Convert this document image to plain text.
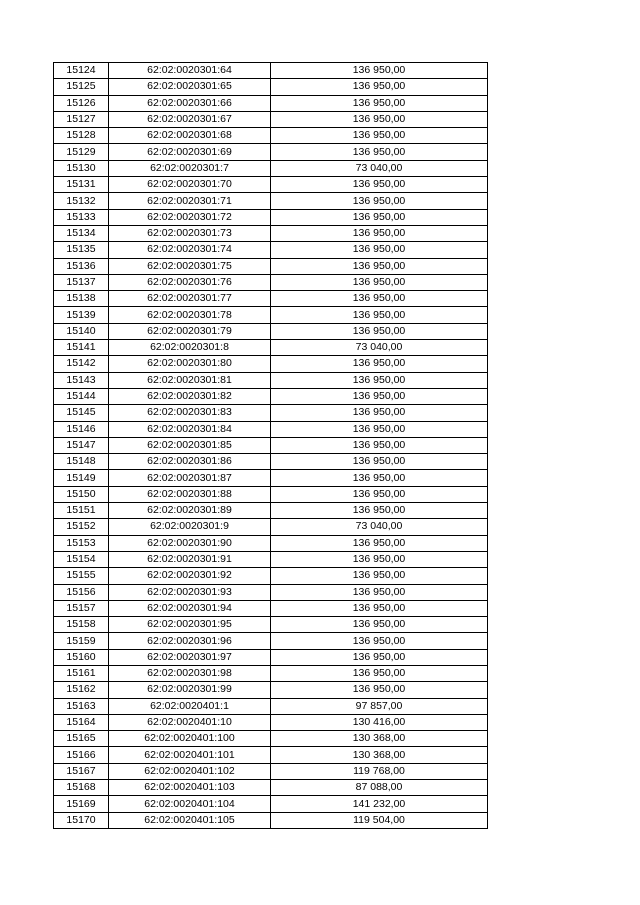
15124	62:02:0020301:64	136 950,00
15125	62:02:0020301:65	136 950,00
15126	62:02:0020301:66	136 950,00
15127	62:02:0020301:67	136 950,00
15128	62:02:0020301:68	136 950,00
15129	62:02:0020301:69	136 950,00
15130	62:02:0020301:7	73 040,00
15131	62:02:0020301:70	136 950,00
15132	62:02:0020301:71	136 950,00
15133	62:02:0020301:72	136 950,00
15134	62:02:0020301:73	136 950,00
15135	62:02:0020301:74	136 950,00
15136	62:02:0020301:75	136 950,00
15137	62:02:0020301:76	136 950,00
15138	62:02:0020301:77	136 950,00
15139	62:02:0020301:78	136 950,00
15140	62:02:0020301:79	136 950,00
15141	62:02:0020301:8	73 040,00
15142	62:02:0020301:80	136 950,00
15143	62:02:0020301:81	136 950,00
15144	62:02:0020301:82	136 950,00
15145	62:02:0020301:83	136 950,00
15146	62:02:0020301:84	136 950,00
15147	62:02:0020301:85	136 950,00
15148	62:02:0020301:86	136 950,00
15149	62:02:0020301:87	136 950,00
15150	62:02:0020301:88	136 950,00
15151	62:02:0020301:89	136 950,00
15152	62:02:0020301:9	73 040,00
15153	62:02:0020301:90	136 950,00
15154	62:02:0020301:91	136 950,00
15155	62:02:0020301:92	136 950,00
15156	62:02:0020301:93	136 950,00
15157	62:02:0020301:94	136 950,00
15158	62:02:0020301:95	136 950,00
15159	62:02:0020301:96	136 950,00
15160	62:02:0020301:97	136 950,00
15161	62:02:0020301:98	136 950,00
15162	62:02:0020301:99	136 950,00
15163	62:02:0020401:1	97 857,00
15164	62:02:0020401:10	130 416,00
15165	62:02:0020401:100	130 368,00
15166	62:02:0020401:101	130 368,00
15167	62:02:0020401:102	119 768,00
15168	62:02:0020401:103	87 088,00
15169	62:02:0020401:104	141 232,00
15170	62:02:0020401:105	119 504,00
